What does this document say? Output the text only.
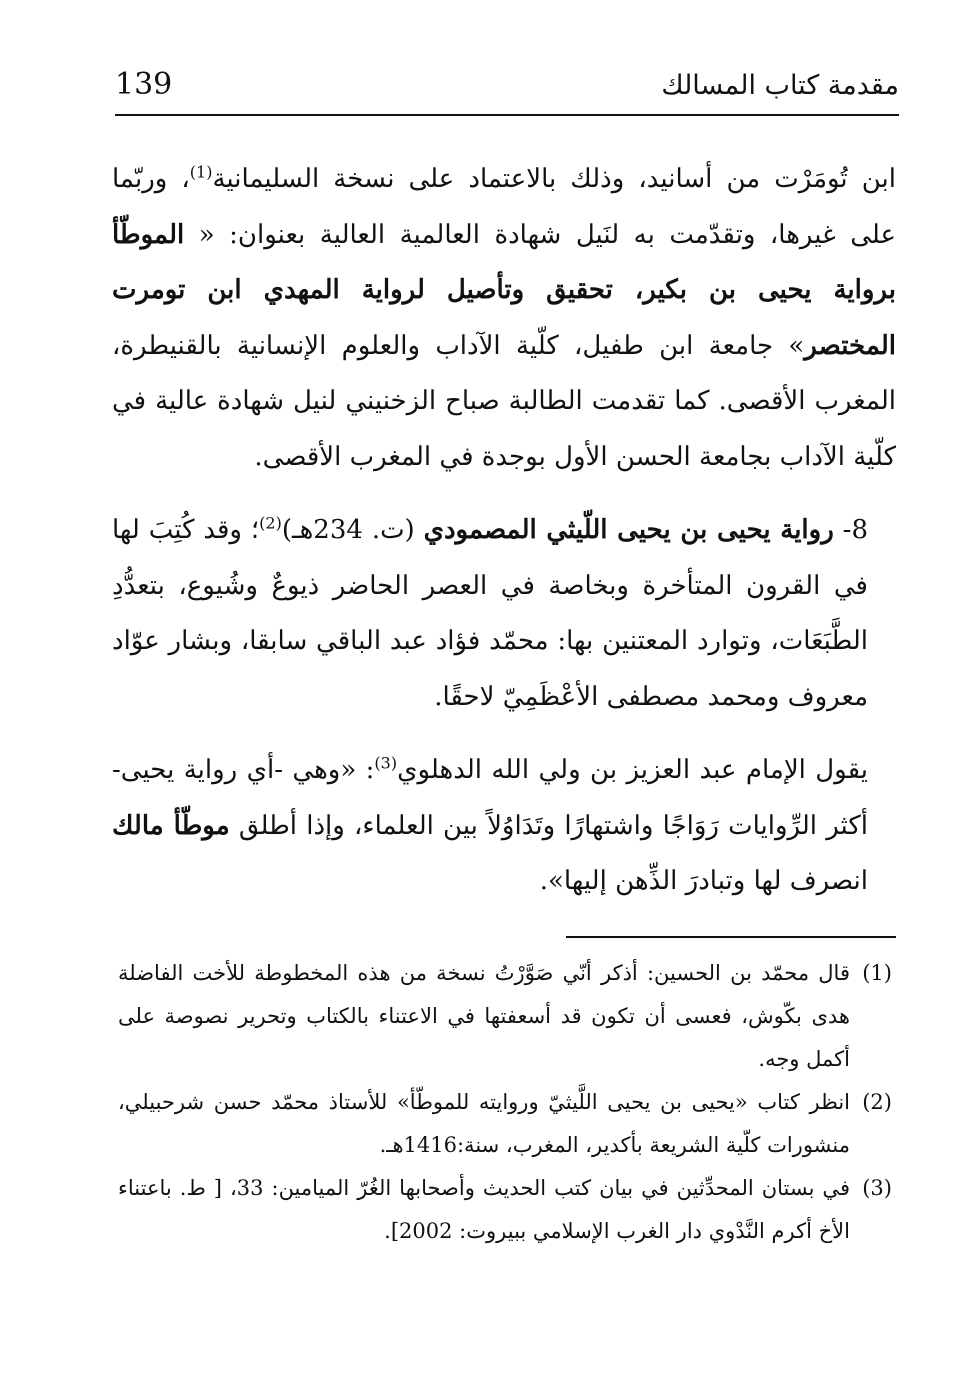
مقدمة كتاب المسالك
139

ابن تُومَرْت من أسانيد، وذلك بالاعتماد على نسخة السليمانية$^{(1)}$، وربّما على غيرها، وتقدّمت به لنَيل شهادة العالمية العالية بعنوان: « الموطّأ برواية يحيى بن بكير، تحقيق وتأصيل لرواية المهدي ابن تومرت المختصر» جامعة ابن طفيل، كلّية الآداب والعلوم الإنسانية بالقنيطرة، المغرب الأقصى. كما تقدمت الطالبة صباح الزخنيني لنيل شهادة عالية في كلّية الآداب بجامعة الحسن الأول بوجدة في المغرب الأقصى.

8- رواية يحيى بن يحيى اللّيثي المصمودي (ت. 234هـ)$^{(2)}$؛ وقد كُتِبَ لها في القرون المتأخرة وبخاصة في العصر الحاضر ذيوعٌ وشُيوع، بتعدُّدِ الطَّبَعَات، وتوارد المعتنين بها: محمّد فؤاد عبد الباقي سابقا، وبشار عوّاد معروف ومحمد مصطفى الأعْظَمِيّ لاحقًا.

يقول الإمام عبد العزيز بن ولي الله الدهلوي$^{(3)}$: «وهي -أي رواية يحيى- أكثر الرِّوايات رَوَاجًا واشتهارًا وتَدَاوُلاً بين العلماء، وإذا أطلق موطّأ مالك انصرف لها وتبادرَ الذِّهن إليها».

(1)
قال محمّد بن الحسين: أذكر أنّي صَوَّرْتُ نسخة من هذه المخطوطة للأخت الفاضلة هدى بكّوش، فعسى أن تكون قد أسعفتها في الاعتناء بالكتاب وتحرير نصوصة على أكمل وجه.
(2)
انظر كتاب «يحيى بن يحيى اللَّيثيّ وروايته للموطّأ» للأستاذ محمّد حسن شرحبيلي، منشورات كلّية الشريعة بأكدير، المغرب، سنة:1416هـ.
(3)
في بستان المحدِّثين في بيان كتب الحديث وأصحابها الغُرّ الميامين: 33، [ ط. باعتناء الأخ أكرم النَّدْوي دار الغرب الإسلامي ببيروت: 2002].
